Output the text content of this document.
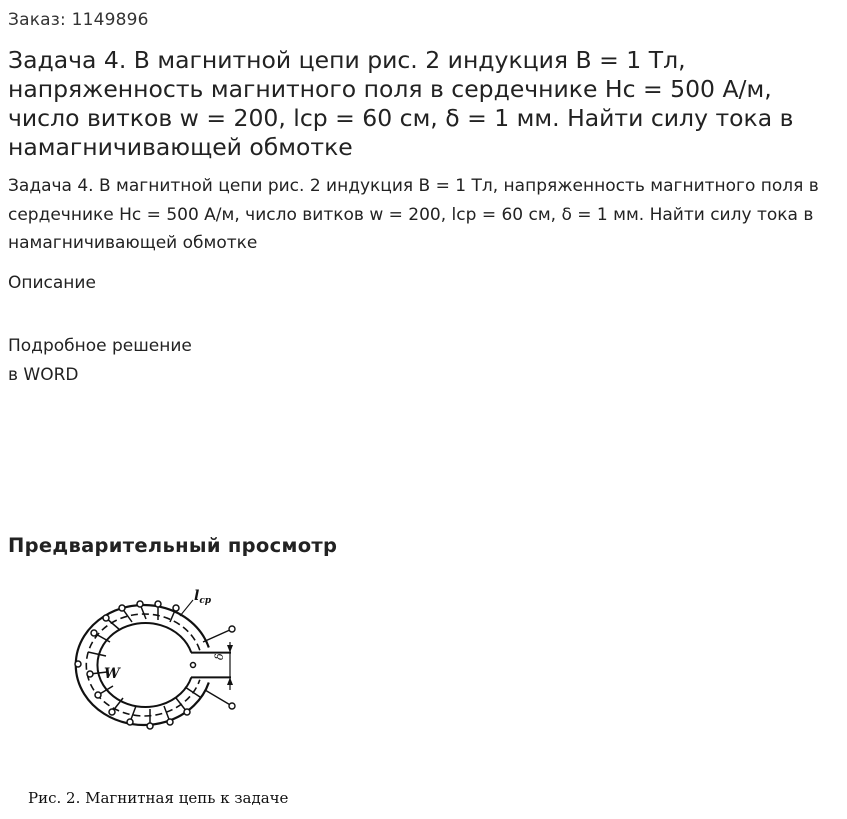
Заказ: 1149896
Задача 4. В магнитной цепи рис. 2 индукция B = 1 Тл, напряженность магнитного поля в сердечнике Hc = 500 А/м, число витков w = 200, lср = 60 см, δ = 1 мм. Найти силу тока в намагничивающей обмотке
Задача 4. В магнитной цепи рис. 2 индукция B = 1 Тл, напряженность магнитного поля в сердечнике Hc = 500 А/м, число витков w = 200, lср = 60 см, δ = 1 мм. Найти силу тока в намагничивающей обмотке
Описание
Подробное решение
в WORD
Предварительный просмотр
$l_{cp}$
W
δ
Рис. 2. Магнитная цепь к задаче
